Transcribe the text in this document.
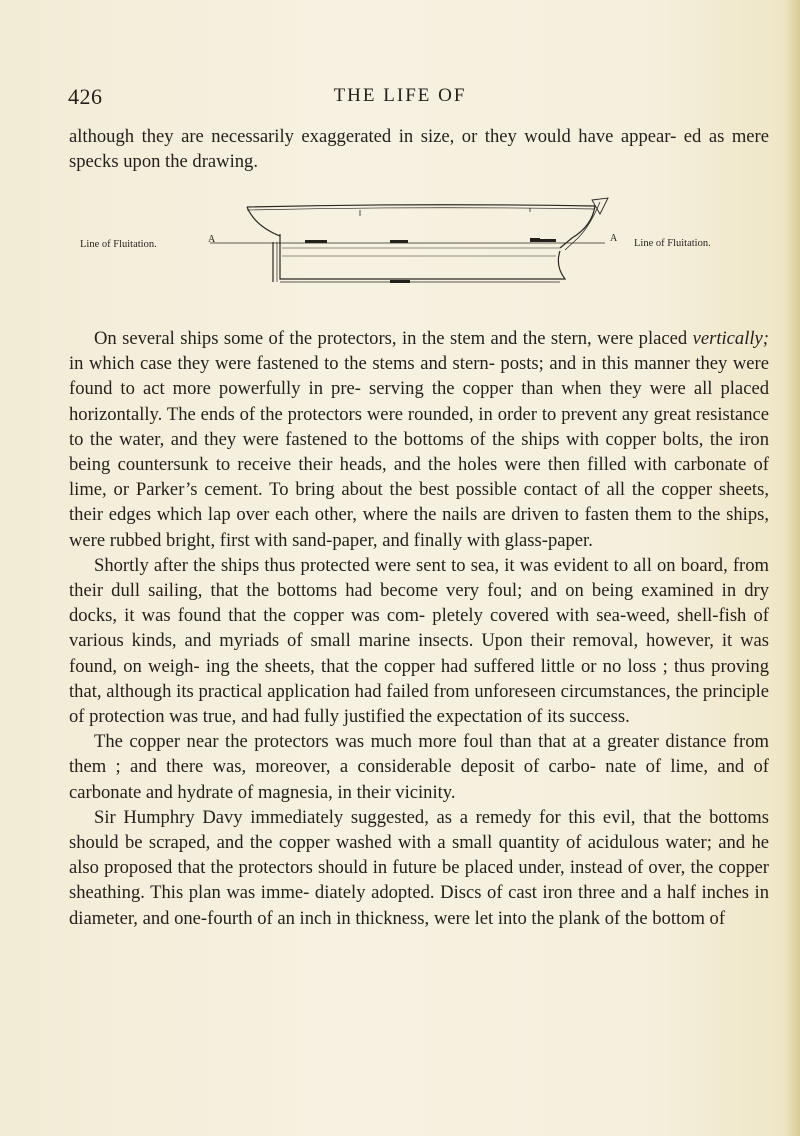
426	THE LIFE OF

although they are necessarily exaggerated in size, or they would have appear- ed as mere specks upon the drawing.

Line of Fluitation.	A	A Line of Fluitation.

On several ships some of the protectors, in the stem and the stern, were placed vertically; in which case they were fastened to the stems and stern- posts; and in this manner they were found to act more powerfully in pre- serving the copper than when they were all placed horizontally. The ends of the protectors were rounded, in order to prevent any great resistance to the water, and they were fastened to the bottoms of the ships with copper bolts, the iron being countersunk to receive their heads, and the holes were then filled with carbonate of lime, or Parker’s cement. To bring about the best possible contact of all the copper sheets, their edges which lap over each other, where the nails are driven to fasten them to the ships, were rubbed bright, first with sand-paper, and finally with glass-paper.

Shortly after the ships thus protected were sent to sea, it was evident to all on board, from their dull sailing, that the bottoms had become very foul; and on being examined in dry docks, it was found that the copper was com- pletely covered with sea-weed, shell-fish of various kinds, and myriads of small marine insects. Upon their removal, however, it was found, on weigh- ing the sheets, that the copper had suffered little or no loss ; thus proving that, although its practical application had failed from unforeseen circumstances, the principle of protection was true, and had fully justified the expectation of its success.

The copper near the protectors was much more foul than that at a greater distance from them ; and there was, moreover, a considerable deposit of carbo- nate of lime, and of carbonate and hydrate of magnesia, in their vicinity.

Sir Humphry Davy immediately suggested, as a remedy for this evil, that the bottoms should be scraped, and the copper washed with a small quantity of acidulous water; and he also proposed that the protectors should in future be placed under, instead of over, the copper sheathing. This plan was imme- diately adopted. Discs of cast iron three and a half inches in diameter, and one-fourth of an inch in thickness, were let into the plank of the bottom of
